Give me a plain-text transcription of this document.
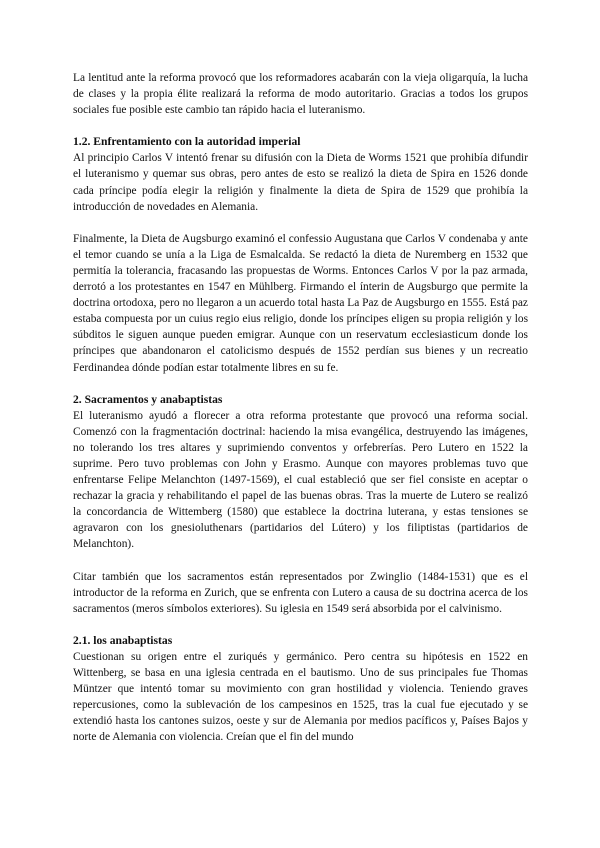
La lentitud ante la reforma provocó que los reformadores acabarán con la vieja oligarquía, la lucha de clases y la propia élite realizará la reforma de modo autoritario. Gracias a todos los grupos sociales fue posible este cambio tan rápido hacia el luteranismo.

1.2. Enfrentamiento con la autoridad imperial

Al principio Carlos V intentó frenar su difusión con la Dieta de Worms 1521 que prohibía difundir el luteranismo y quemar sus obras, pero antes de esto se realizó la dieta de Spira en 1526 donde cada príncipe podía elegir la religión y finalmente la dieta de Spira de 1529 que prohibía la introducción de novedades en Alemania.

Finalmente, la Dieta de Augsburgo examinó el confessio Augustana que Carlos V condenaba y ante el temor cuando se unía a la Liga de Esmalcalda. Se redactó la dieta de Nuremberg en 1532 que permitía la tolerancia, fracasando las propuestas de Worms. Entonces Carlos V por la paz armada, derrotó a los protestantes en 1547 en Mühlberg. Firmando el ínterin de Augsburgo que permite la doctrina ortodoxa, pero no llegaron a un acuerdo total hasta La Paz de Augsburgo en 1555. Está paz estaba compuesta por un cuius regio eius religio, donde los príncipes eligen su propia religión y los súbditos le siguen aunque pueden emigrar. Aunque con un reservatum ecclesiasticum donde los príncipes que abandonaron el catolicismo después de 1552 perdían sus bienes y un recreatio Ferdinandea dónde podían estar totalmente libres en su fe.

2. Sacramentos y anabaptistas

El luteranismo ayudó a florecer a otra reforma protestante que provocó una reforma social. Comenzó con la fragmentación doctrinal: haciendo la misa evangélica, destruyendo las imágenes, no tolerando los tres altares y suprimiendo conventos y orfebrerías. Pero Lutero en 1522 la suprime. Pero tuvo problemas con John y Erasmo. Aunque con mayores problemas tuvo que enfrentarse Felipe Melanchton (1497-1569), el cual estableció que ser fiel consiste en aceptar o rechazar la gracia y rehabilitando el papel de las buenas obras. Tras la muerte de Lutero se realizó la concordancia de Wittemberg (1580) que establece la doctrina luterana, y estas tensiones se agravaron con los gnesioluthenars (partidarios del Lútero) y los filiptistas (partidarios de Melanchton).

Citar también que los sacramentos están representados por Zwinglio (1484-1531) que es el introductor de la reforma en Zurich, que se enfrenta con Lutero a causa de su doctrina acerca de los sacramentos (meros símbolos exteriores). Su iglesia en 1549 será absorbida por el calvinismo.

2.1. los anabaptistas

Cuestionan su origen entre el zuriqués y germánico. Pero centra su hipótesis en 1522 en Wittenberg, se basa en una iglesia centrada en el bautismo. Uno de sus principales fue Thomas Müntzer que intentó tomar su movimiento con gran hostilidad y violencia. Teniendo graves repercusiones, como la sublevación de los campesinos en 1525, tras la cual fue ejecutado y se extendió hasta los cantones suizos, oeste y sur de Alemania por medios pacíficos y, Países Bajos y norte de Alemania con violencia. Creían que el fin del mundo
